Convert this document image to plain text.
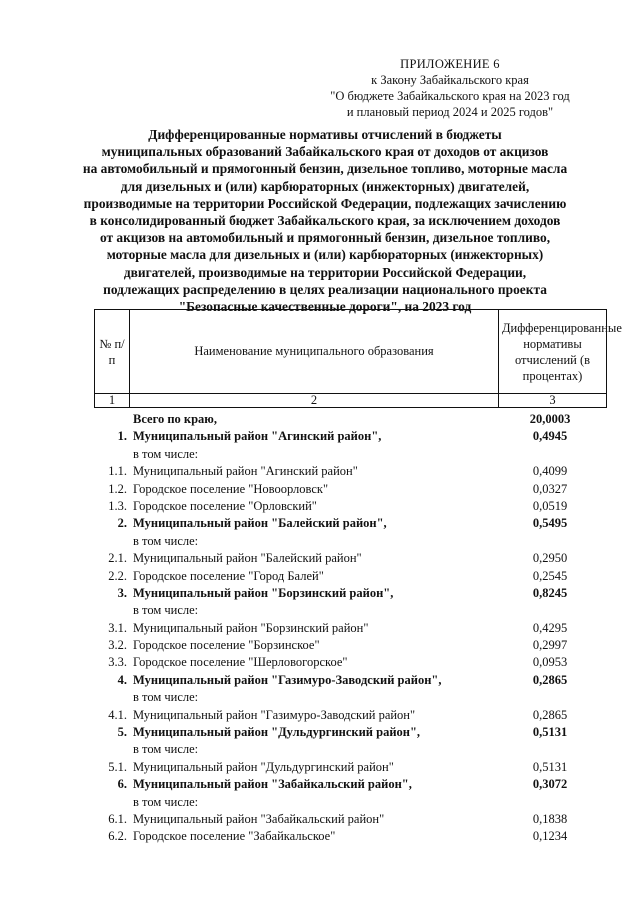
ПРИЛОЖЕНИЕ 6
к Закону Забайкальского края
"О бюджете Забайкальского края на 2023 год
и плановый период 2024 и 2025 годов"
Дифференцированные нормативы отчислений в бюджеты
муниципальных образований Забайкальского края от доходов от акцизов
на автомобильный и прямогонный бензин, дизельное топливо, моторные масла
для дизельных и (или) карбюраторных (инжекторных) двигателей,
производимые на территории Российской Федерации, подлежащих зачислению
в консолидированный бюджет Забайкальского края, за исключением доходов
от акцизов на автомобильный и прямогонный бензин, дизельное топливо,
моторные масла для дизельных и (или) карбюраторных (инжекторных)
двигателей, производимые на территории Российской Федерации,
подлежащих распределению в целях реализации национального проекта
"Безопасные качественные дороги", на 2023 год
№ п/п	Наименование муниципального образования	Дифференцированные нормативы отчислений (в процентах)
1	2	3
Всего по краю,	20,0003
1. Муниципальный район "Агинский район",	0,4945
в том числе:
1.1. Муниципальный район "Агинский район"	0,4099
1.2. Городское поселение "Новоорловск"	0,0327
1.3. Городское поселение "Орловский"	0,0519
2. Муниципальный район "Балейский район",	0,5495
в том числе:
2.1. Муниципальный район "Балейский район"	0,2950
2.2. Городское поселение "Город Балей"	0,2545
3. Муниципальный район "Борзинский район",	0,8245
в том числе:
3.1. Муниципальный район "Борзинский район"	0,4295
3.2. Городское поселение "Борзинское"	0,2997
3.3. Городское поселение "Шерловогорское"	0,0953
4. Муниципальный район "Газимуро-Заводский район",	0,2865
в том числе:
4.1. Муниципальный район "Газимуро-Заводский район"	0,2865
5. Муниципальный район "Дульдургинский район",	0,5131
в том числе:
5.1. Муниципальный район "Дульдургинский район"	0,5131
6. Муниципальный район "Забайкальский район",	0,3072
в том числе:
6.1. Муниципальный район "Забайкальский район"	0,1838
6.2. Городское поселение "Забайкальское"	0,1234
